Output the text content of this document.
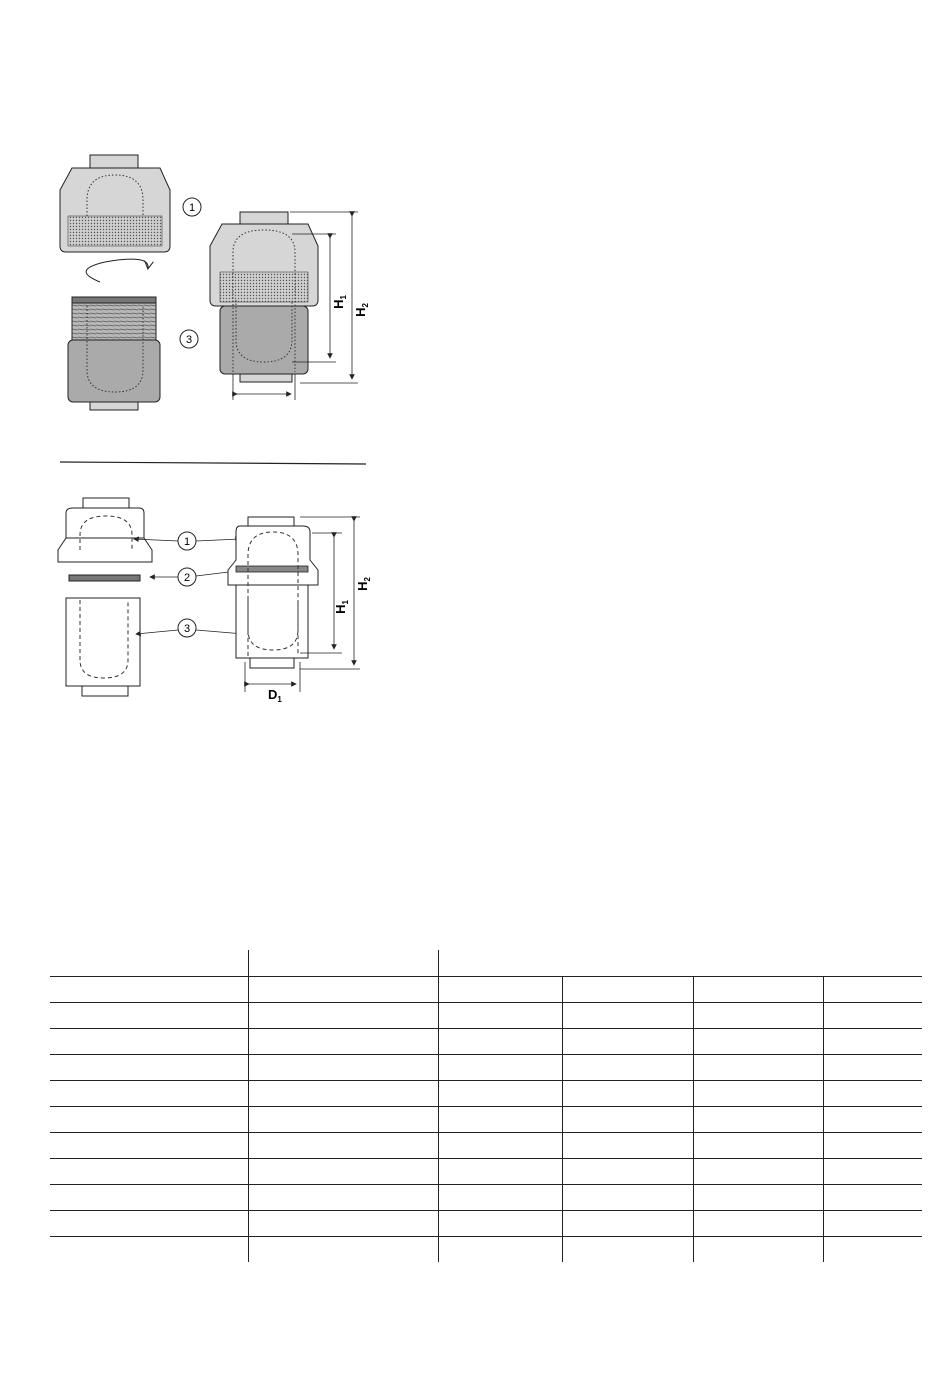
1
3
$H_1$
$H_2$
1
2
3
$H_1$
$H_2$
$D_1$
